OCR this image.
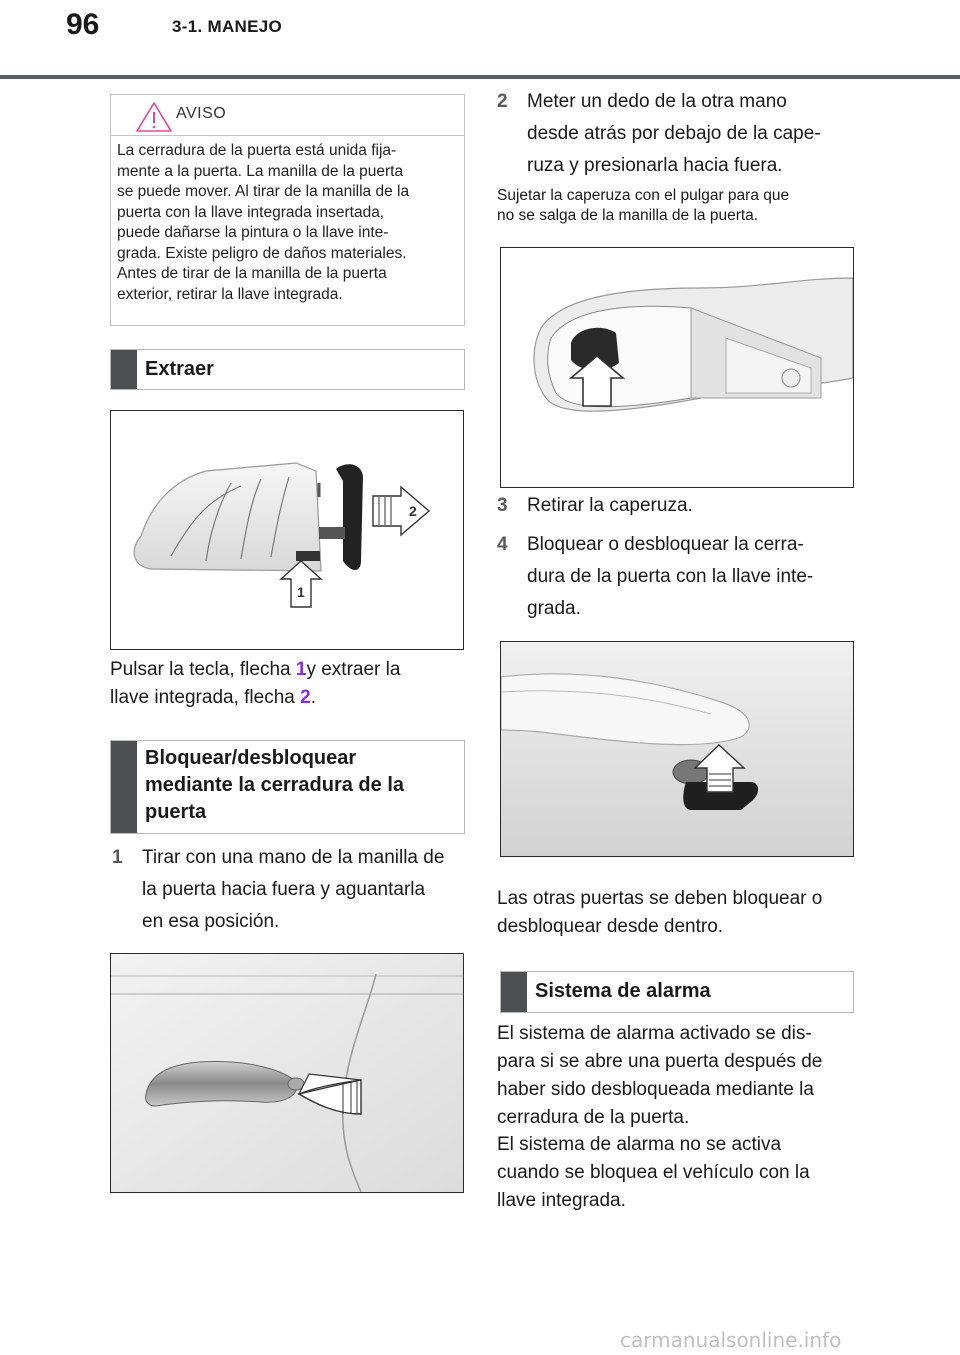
96	3-1. MANEJO
AVISO
La cerradura de la puerta está unida fija-
mente a la puerta. La manilla de la puerta
se puede mover. Al tirar de la manilla de la
puerta con la llave integrada insertada,
puede dañarse la pintura o la llave inte-
grada. Existe peligro de daños materiales.
Antes de tirar de la manilla de la puerta
exterior, retirar la llave integrada.
Extraer
2
1
Pulsar la tecla, flecha 1y extraer la
llave integrada, flecha 2.
Bloquear/desbloquear
mediante la cerradura de la
puerta
1 Tirar con una mano de la manilla de
la puerta hacia fuera y aguantarla
en esa posición.
2 Meter un dedo de la otra mano
desde atrás por debajo de la cape-
ruza y presionarla hacia fuera.
Sujetar la caperuza con el pulgar para que
no se salga de la manilla de la puerta.
3 Retirar la caperuza.
4 Bloquear o desbloquear la cerra-
dura de la puerta con la llave inte-
grada.
Las otras puertas se deben bloquear o
desbloquear desde dentro.
Sistema de alarma
El sistema de alarma activado se dis-
para si se abre una puerta después de
haber sido desbloqueada mediante la
cerradura de la puerta.
El sistema de alarma no se activa
cuando se bloquea el vehículo con la
llave integrada.
carmanualsonline.info
